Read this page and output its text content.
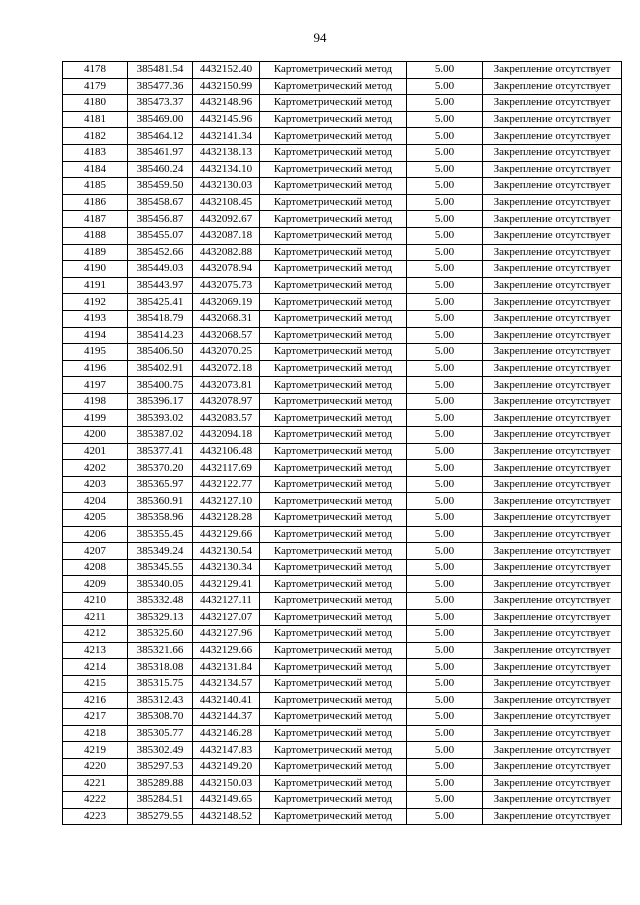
94
4178	385481.54	4432152.40	Картометрический метод	5.00	Закрепление отсутствует
4179	385477.36	4432150.99	Картометрический метод	5.00	Закрепление отсутствует
4180	385473.37	4432148.96	Картометрический метод	5.00	Закрепление отсутствует
4181	385469.00	4432145.96	Картометрический метод	5.00	Закрепление отсутствует
4182	385464.12	4432141.34	Картометрический метод	5.00	Закрепление отсутствует
4183	385461.97	4432138.13	Картометрический метод	5.00	Закрепление отсутствует
4184	385460.24	4432134.10	Картометрический метод	5.00	Закрепление отсутствует
4185	385459.50	4432130.03	Картометрический метод	5.00	Закрепление отсутствует
4186	385458.67	4432108.45	Картометрический метод	5.00	Закрепление отсутствует
4187	385456.87	4432092.67	Картометрический метод	5.00	Закрепление отсутствует
4188	385455.07	4432087.18	Картометрический метод	5.00	Закрепление отсутствует
4189	385452.66	4432082.88	Картометрический метод	5.00	Закрепление отсутствует
4190	385449.03	4432078.94	Картометрический метод	5.00	Закрепление отсутствует
4191	385443.97	4432075.73	Картометрический метод	5.00	Закрепление отсутствует
4192	385425.41	4432069.19	Картометрический метод	5.00	Закрепление отсутствует
4193	385418.79	4432068.31	Картометрический метод	5.00	Закрепление отсутствует
4194	385414.23	4432068.57	Картометрический метод	5.00	Закрепление отсутствует
4195	385406.50	4432070.25	Картометрический метод	5.00	Закрепление отсутствует
4196	385402.91	4432072.18	Картометрический метод	5.00	Закрепление отсутствует
4197	385400.75	4432073.81	Картометрический метод	5.00	Закрепление отсутствует
4198	385396.17	4432078.97	Картометрический метод	5.00	Закрепление отсутствует
4199	385393.02	4432083.57	Картометрический метод	5.00	Закрепление отсутствует
4200	385387.02	4432094.18	Картометрический метод	5.00	Закрепление отсутствует
4201	385377.41	4432106.48	Картометрический метод	5.00	Закрепление отсутствует
4202	385370.20	4432117.69	Картометрический метод	5.00	Закрепление отсутствует
4203	385365.97	4432122.77	Картометрический метод	5.00	Закрепление отсутствует
4204	385360.91	4432127.10	Картометрический метод	5.00	Закрепление отсутствует
4205	385358.96	4432128.28	Картометрический метод	5.00	Закрепление отсутствует
4206	385355.45	4432129.66	Картометрический метод	5.00	Закрепление отсутствует
4207	385349.24	4432130.54	Картометрический метод	5.00	Закрепление отсутствует
4208	385345.55	4432130.34	Картометрический метод	5.00	Закрепление отсутствует
4209	385340.05	4432129.41	Картометрический метод	5.00	Закрепление отсутствует
4210	385332.48	4432127.11	Картометрический метод	5.00	Закрепление отсутствует
4211	385329.13	4432127.07	Картометрический метод	5.00	Закрепление отсутствует
4212	385325.60	4432127.96	Картометрический метод	5.00	Закрепление отсутствует
4213	385321.66	4432129.66	Картометрический метод	5.00	Закрепление отсутствует
4214	385318.08	4432131.84	Картометрический метод	5.00	Закрепление отсутствует
4215	385315.75	4432134.57	Картометрический метод	5.00	Закрепление отсутствует
4216	385312.43	4432140.41	Картометрический метод	5.00	Закрепление отсутствует
4217	385308.70	4432144.37	Картометрический метод	5.00	Закрепление отсутствует
4218	385305.77	4432146.28	Картометрический метод	5.00	Закрепление отсутствует
4219	385302.49	4432147.83	Картометрический метод	5.00	Закрепление отсутствует
4220	385297.53	4432149.20	Картометрический метод	5.00	Закрепление отсутствует
4221	385289.88	4432150.03	Картометрический метод	5.00	Закрепление отсутствует
4222	385284.51	4432149.65	Картометрический метод	5.00	Закрепление отсутствует
4223	385279.55	4432148.52	Картометрический метод	5.00	Закрепление отсутствует
